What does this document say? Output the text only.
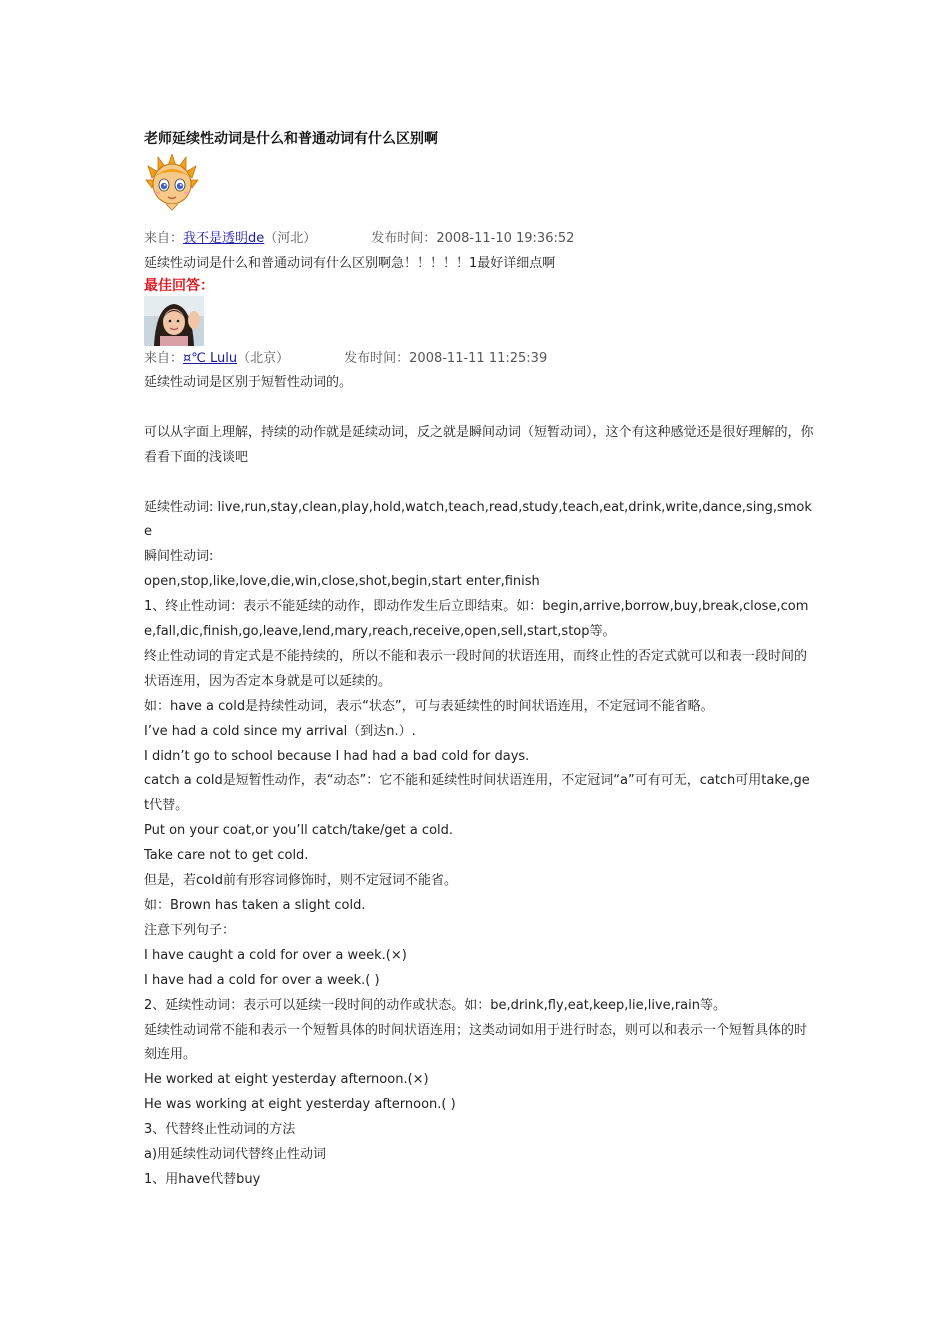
老师延续性动词是什么和普通动词有什么区别啊
来自：我不是透明de（河北）	发布时间：2008-11-10 19:36:52
延续性动词是什么和普通动词有什么区别啊急！！！！！1最好详细点啊
最佳回答：
来自：¤℃ Lulu（北京）	发布时间：2008-11-11 11:25:39
延续性动词是区别于短暂性动词的。
可以从字面上理解，持续的动作就是延续动词，反之就是瞬间动词（短暂动词），这个有这种感觉还是很好理解的，你看看下面的浅谈吧
延续性动词: live,run,stay,clean,play,hold,watch,teach,read,study,teach,eat,drink,write,dance,sing,smoke
瞬间性动词:
open,stop,like,love,die,win,close,shot,begin,start enter,finish
1、终止性动词：表示不能延续的动作，即动作发生后立即结束。如：begin,arrive,borrow,buy,break,close,come,fall,dic,finish,go,leave,lend,mary,reach,receive,open,sell,start,stop等。
终止性动词的肯定式是不能持续的，所以不能和表示一段时间的状语连用，而终止性的否定式就可以和表一段时间的状语连用，因为否定本身就是可以延续的。
如：have a cold是持续性动词，表示“状态”，可与表延续性的时间状语连用，不定冠词不能省略。
I’ve had a cold since my arrival（到达n.）.
I didn’t go to school because I had had a bad cold for days.
catch a cold是短暂性动作，表“动态”：它不能和延续性时间状语连用，不定冠词“a”可有可无，catch可用take,get代替。
Put on your coat,or you’ll catch/take/get a cold.
Take care not to get cold.
但是，若cold前有形容词修饰时，则不定冠词不能省。
如：Brown has taken a slight cold.
注意下列句子：
I have caught a cold for over a week.(×)
I have had a cold for over a week.( )
2、延续性动词：表示可以延续一段时间的动作或状态。如：be,drink,fly,eat,keep,lie,live,rain等。
延续性动词常不能和表示一个短暂具体的时间状语连用；这类动词如用于进行时态，则可以和表示一个短暂具体的时刻连用。
He worked at eight yesterday afternoon.(×)
He was working at eight yesterday afternoon.( )
3、代替终止性动词的方法
a)用延续性动词代替终止性动词
1、用have代替buy
